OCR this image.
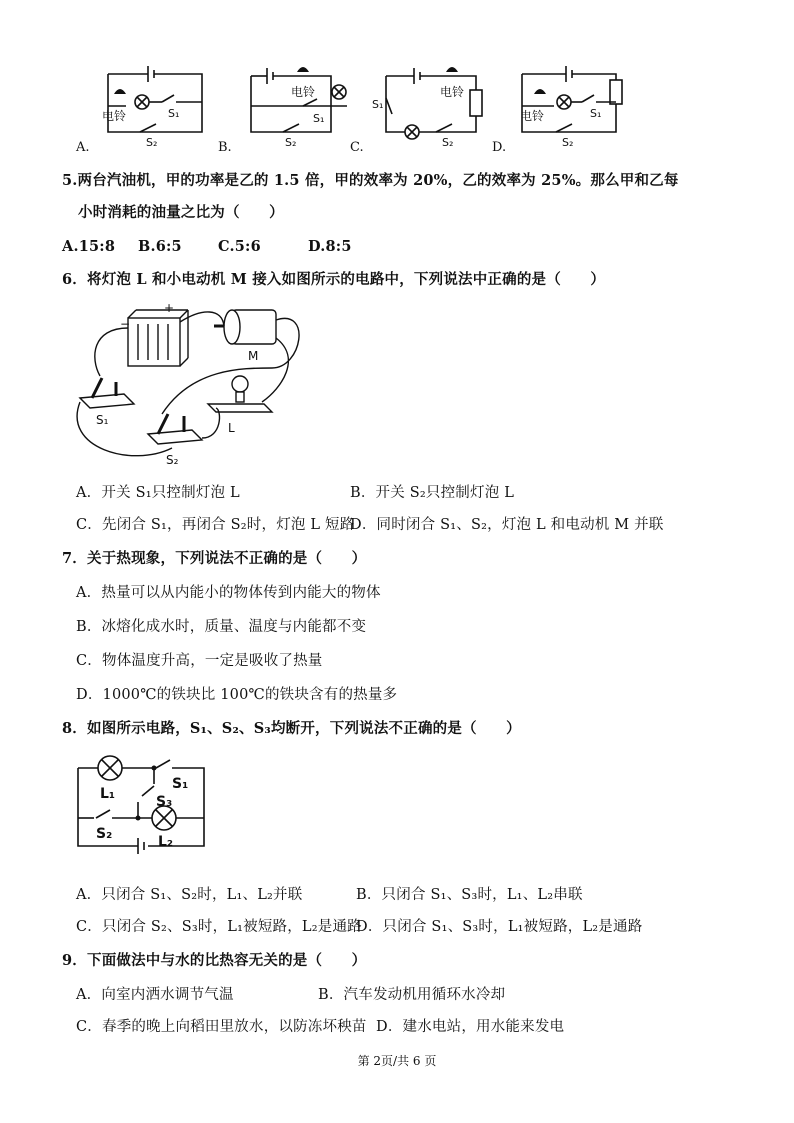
电铃	S₁
S₂
A.
电铃
S₁
S₂
B.
电铃
S₁
S₂
C.
电铃	S₁
S₂
D.
5.两台汽油机，甲的功率是乙的 1.5 倍，甲的效率为 20%，乙的效率为 25%。那么甲和乙每
小时消耗的油量之比为（　　）
A.15:8 B.6:5 C.5:6	D.8:5
6．将灯泡 L 和小电动机 M 接入如图所示的电路中，下列说法中正确的是（　　）
M
L
S₁
S₂
−
+
A．开关 S₁只控制灯泡 L	B．开关 S₂只控制灯泡 L
C．先闭合 S₁，再闭合 S₂时，灯泡 L 短路
D．同时闭合 S₁、S₂，灯泡 L 和电动机 M 并联
7．关于热现象，下列说法不正确的是（　　）
A．热量可以从内能小的物体传到内能大的物体
B．冰熔化成水时，质量、温度与内能都不变
C．物体温度升高，一定是吸收了热量
D．1000℃的铁块比 100℃的铁块含有的热量多
8．如图所示电路，S₁、S₂、S₃均断开，下列说法不正确的是（　　）
L₁
S₁
S₃
S₂	L₂
A．只闭合 S₁、S₂时，L₁、L₂并联	B．只闭合 S₁、S₃时，L₁、L₂串联
C．只闭合 S₂、S₃时，L₁被短路，L₂是通路
D．只闭合 S₁、S₃时，L₁被短路，L₂是通路
9．下面做法中与水的比热容无关的是（　　）
A．向室内洒水调节气温	B．汽车发动机用循环水冷却
C．春季的晚上向稻田里放水，以防冻坏秧苗 D．建水电站，用水能来发电
第 2页/共 6 页
